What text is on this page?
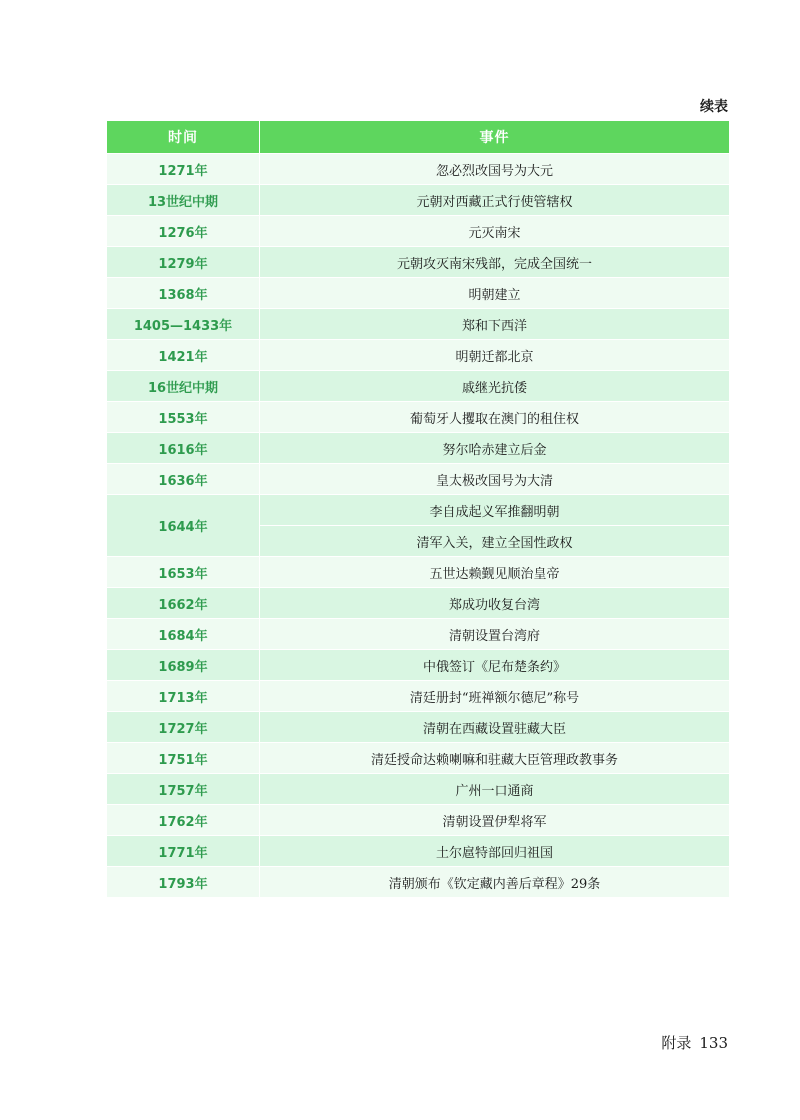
续表
时间	事件
1271年	忽必烈改国号为大元
13世纪中期	元朝对西藏正式行使管辖权
1276年	元灭南宋
1279年	元朝攻灭南宋残部，完成全国统一
1368年	明朝建立
1405—1433年	郑和下西洋
1421年	明朝迁都北京
16世纪中期	戚继光抗倭
1553年	葡萄牙人攫取在澳门的租住权
1616年	努尔哈赤建立后金
1636年	皇太极改国号为大清
1644年	李自成起义军推翻明朝
	清军入关，建立全国性政权
1653年	五世达赖觐见顺治皇帝
1662年	郑成功收复台湾
1684年	清朝设置台湾府
1689年	中俄签订《尼布楚条约》
1713年	清廷册封“班禅额尔德尼”称号
1727年	清朝在西藏设置驻藏大臣
1751年	清廷授命达赖喇嘛和驻藏大臣管理政教事务
1757年	广州一口通商
1762年	清朝设置伊犁将军
1771年	土尔扈特部回归祖国
1793年	清朝颁布《钦定藏内善后章程》29条
附录 133
